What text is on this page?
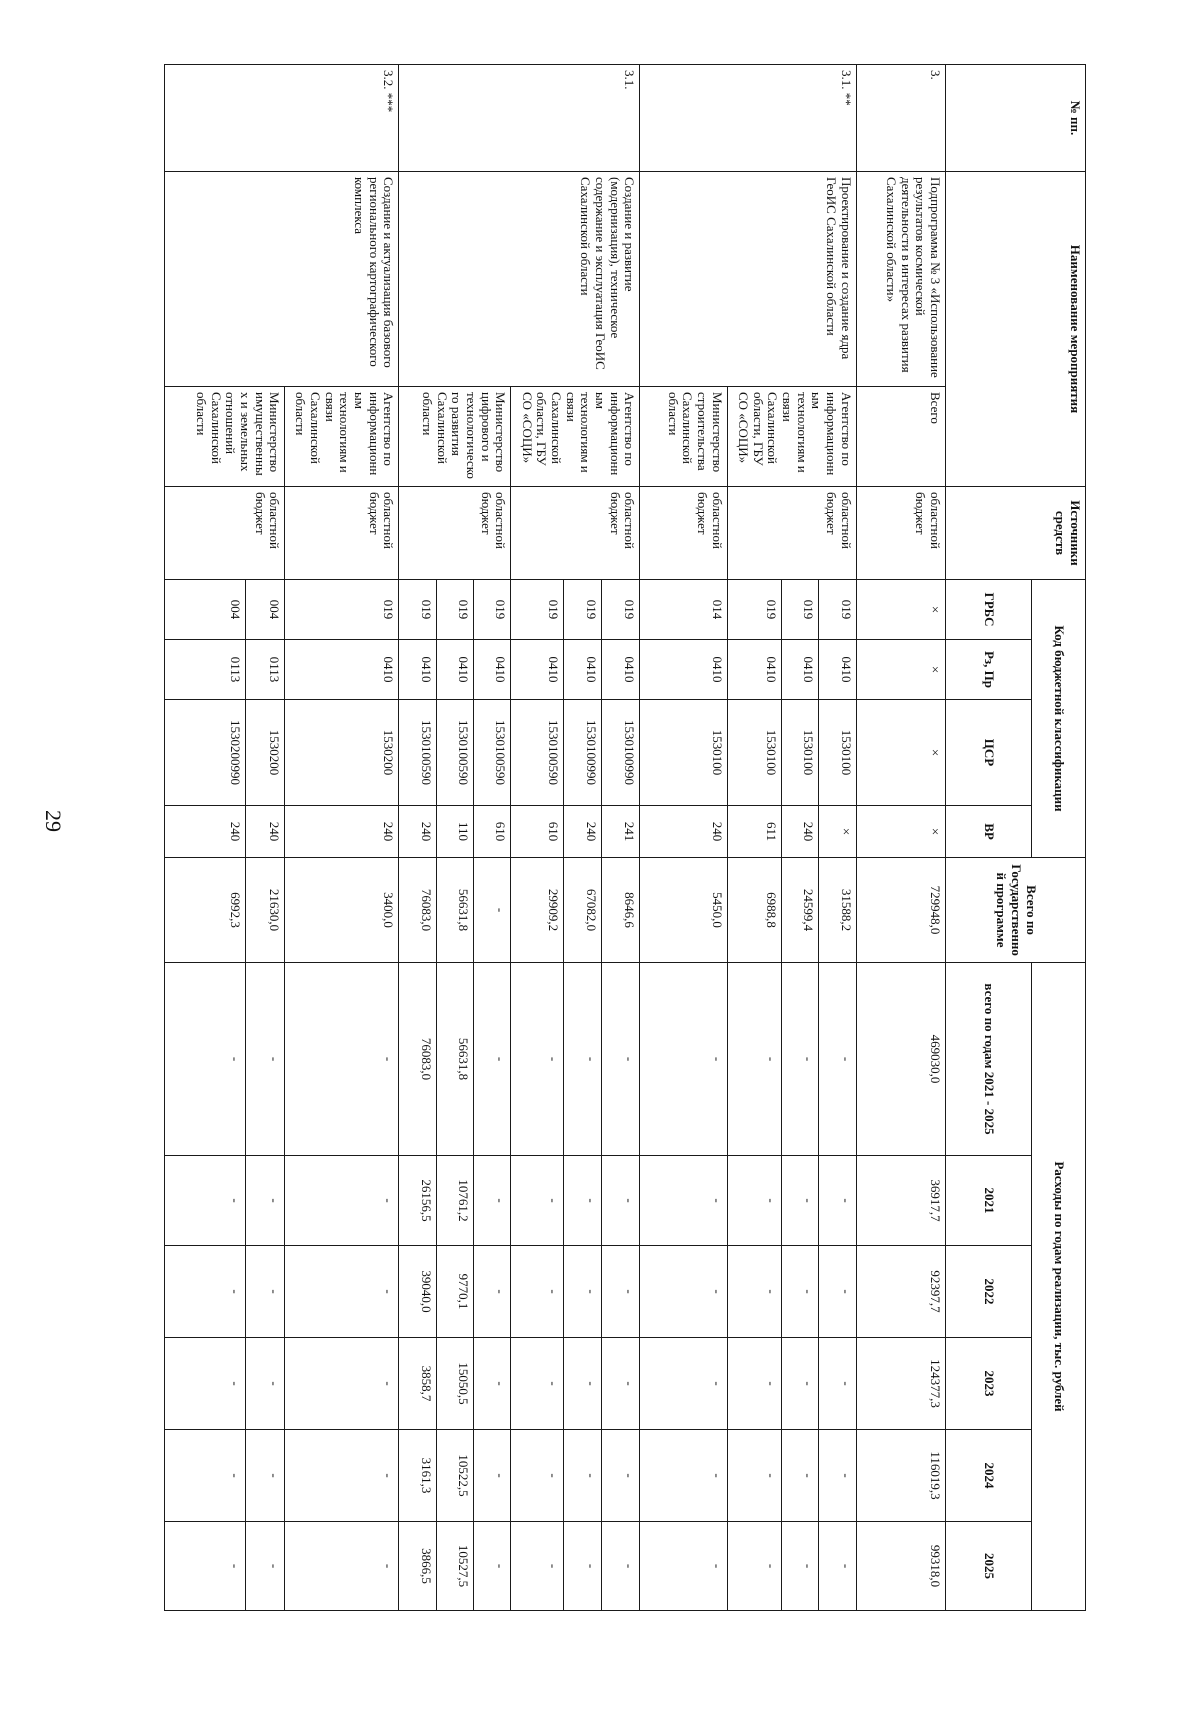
29
№ пп.	Наименование мероприятия		Источники средств	Код бюджетной классификации				Всего по Государственной программе	Расходы по годам реализации, тыс. рублей					
				ГРБС	Рз, Пр	ЦСР	ВР		всего по годам 2021 - 2025	2021	2022	2023	2024	2025
3.	Подпрограмма № 3 «Использование результатов космической деятельности в интересах развития Сахалинской области»	Всего	областной бюджет	×	×	×	×	729948,0	469030,0	36917,7	92397,7	124377,3	116019,3	99318,0
3.1. **	Проектирование и создание ядра ГеоИС Сахалинской области	Агентство по информационным технологиям и связи Сахалинской области, ГБУ СО «СОЦИ»	областной бюджет	019	0410	1530100	×	31588,2	-	-	-	-	-	-
				019	0410	1530100	240	24599,4	-	-	-	-	-	-
				019	0410	1530100	611	6988,8	-	-	-	-	-	-
		Министерство строительства Сахалинской области	областной бюджет	014	0410	1530100	240	5450,0	-	-	-	-	-	-
3.1.	Создание и развитие (модернизация), техническое содержание и эксплуатация ГеоИС Сахалинской области	Агентство по информационным технологиям и связи Сахалинской области, ГБУ СО «СОЦИ»	областной бюджет	019	0410	1530100990	241	8646,6	-	-	-	-	-	-
				019	0410	1530100990	240	67082,0	-	-	-	-	-	-
				019	0410	1530100590	610	29909,2	-	-	-	-	-	-
		Министерство цифрового и технологического развития Сахалинской области	областной бюджет	019	0410	1530100590	610	-	-	-	-	-	-	-
				019	0410	1530100590	110	56631,8	56631,8	10761,2	9770,1	15050,5	10522,5	10527,5
				019	0410	1530100590	240	76083,0	76083,0	26156,5	39040,0	3858,7	3161,3	3866,5
3.2. ***	Создание и актуализация базового регионального картографического комплекса	Агентство по информационным технологиям и связи Сахалинской области	областной бюджет	019	0410	1530200	240	3400,0	-	-	-	-	-	-
		Министерство имущественных и земельных отношений Сахалинской области	областной бюджет	004	0113	1530200	240	21630,0	-	-	-	-	-	-
				004	0113	1530200990	240	6992,3	-	-	-	-	-	-
